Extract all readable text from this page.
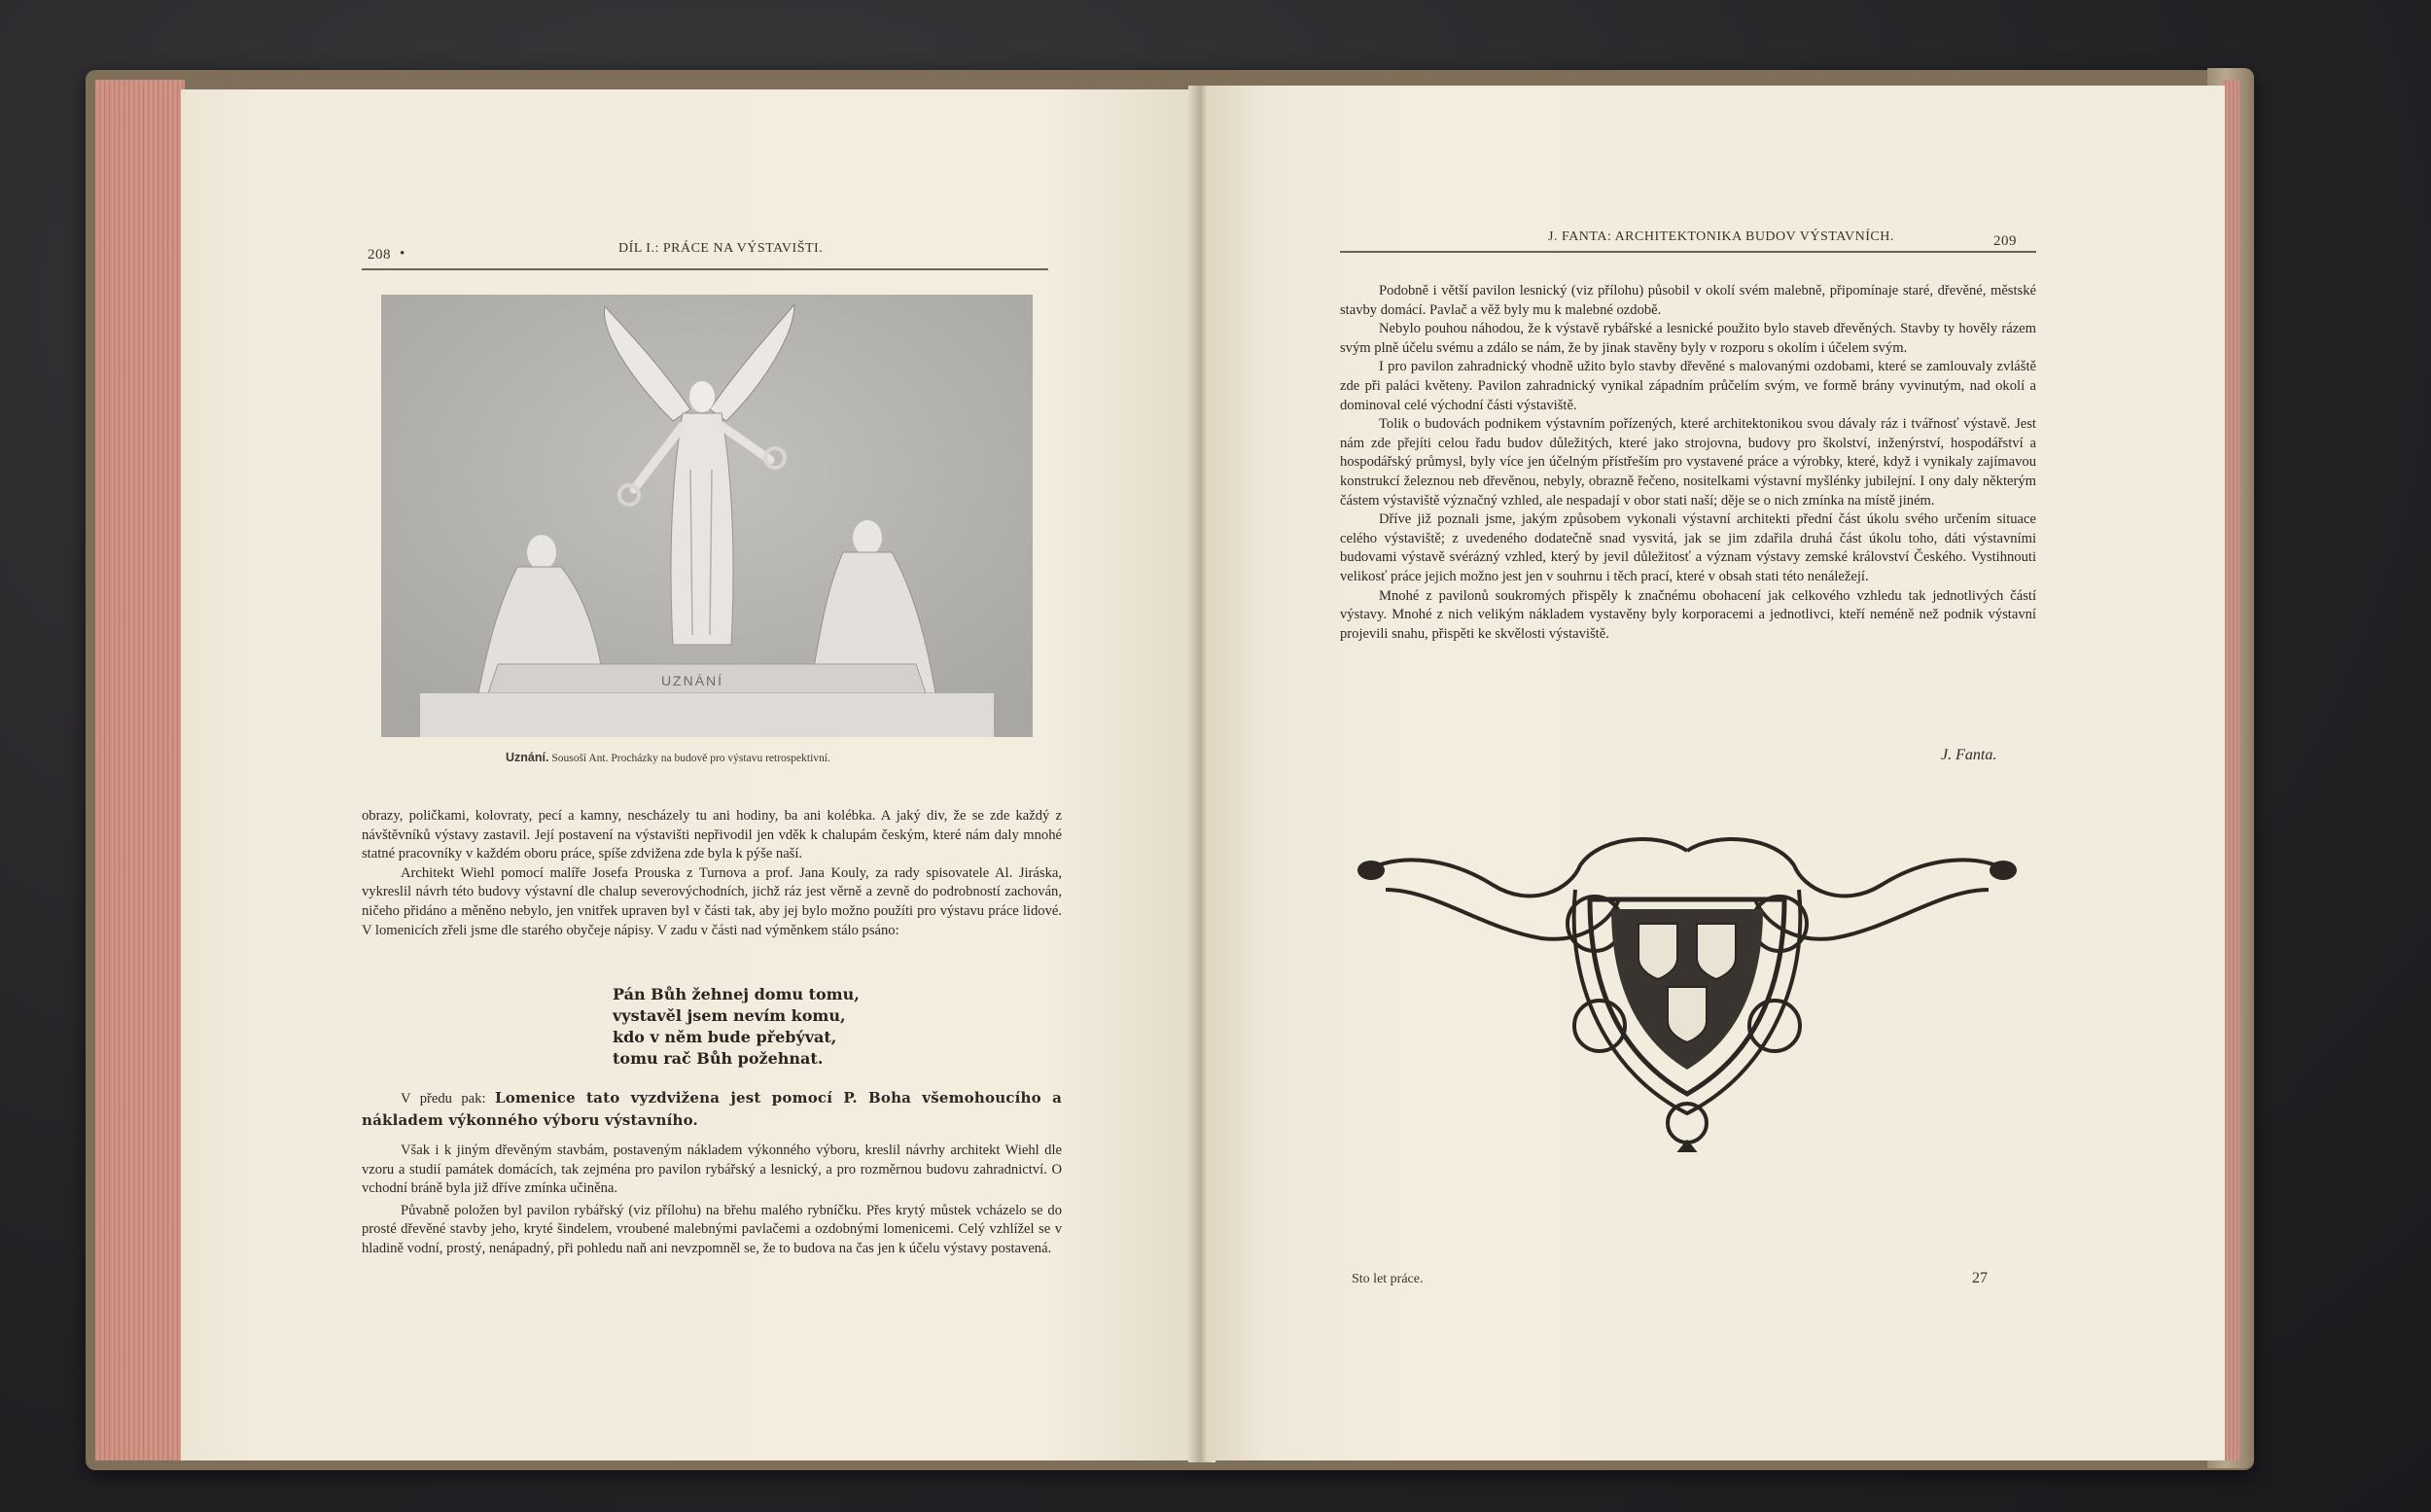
208 •	DÍL I.: PRÁCE NA VÝSTAVIŠTI.
UZNÁNÍ
Uznání. Sousoší Ant. Procházky na budově pro výstavu retrospektivní.

obrazy, poličkami, kolovraty, pecí a kamny, nescházely tu ani hodiny, ba ani kolébka. A jaký div, že se zde každý z návštěvníků výstavy zastavil. Její postavení na výstavišti nepřivodil jen vděk k chalupám českým, které nám daly mnohé statné pracovníky v každém oboru práce, spíše zdvižena zde byla k pýše naší.

Architekt Wiehl pomocí malíře Josefa Prouska z Turnova a prof. Jana Kouly, za rady spisovatele Al. Jiráska, vykreslil návrh této budovy výstavní dle chalup severovýchodních, jichž ráz jest věrně a zevně do podrobností zachován, ničeho přidáno a měněno nebylo, jen vnitřek upraven byl v části tak, aby jej bylo možno použíti pro výstavu práce lidové. V lomenicích zřeli jsme dle starého obyčeje nápisy. V zadu v části nad výměnkem stálo psáno:

Pán Bůh žehnej domu tomu,
vystavěl jsem nevím komu,
kdo v něm bude přebývat,
tomu rač Bůh požehnat.

V předu pak: Lomenice tato vyzdvižena jest pomocí P. Boha všemohoucího a nákladem výkonného výboru výstavního.

Však i k jiným dřevěným stavbám, postaveným nákladem výkonného výboru, kreslil návrhy architekt Wiehl dle vzoru a studií památek domácích, tak zejména pro pavilon rybářský a lesnický, a pro rozměrnou budovu zahradnictví. O vchodní bráně byla již dříve zmínka učiněna.

Půvabně položen byl pavilon rybářský (viz přílohu) na břehu malého rybníčku. Přes krytý můstek vcházelo se do prosté dřevěné stavby jeho, kryté šindelem, vroubené malebnými pavlačemi a ozdobnými lomenicemi. Celý vzhlížel se v hladině vodní, prostý, nenápadný, při pohledu naň ani nevzpomněl se, že to budova na čas jen k účelu výstavy postavená.

J. FANTA: ARCHITEKTONIKA BUDOV VÝSTAVNÍCH.	209

Podobně i větší pavilon lesnický (viz přílohu) působil v okolí svém malebně, připomínaje staré, dřevěné, městské stavby domácí. Pavlač a věž byly mu k malebné ozdobě.

Nebylo pouhou náhodou, že k výstavě rybářské a lesnické použito bylo staveb dřevěných. Stavby ty hověly rázem svým plně účelu svému a zdálo se nám, že by jinak stavěny byly v rozporu s okolím i účelem svým.

I pro pavilon zahradnický vhodně užito bylo stavby dřevěné s malovanými ozdobami, které se zamlouvaly zvláště zde při paláci květeny. Pavilon zahradnický vynikal západním průčelím svým, ve formě brány vyvinutým, nad okolí a dominoval celé východní části výstaviště.

Tolik o budovách podnikem výstavním pořízených, které architektonikou svou dávaly ráz i tvářnosť výstavě. Jest nám zde přejíti celou řadu budov důležitých, které jako strojovna, budovy pro školství, inženýrství, hospodářství a hospodářský průmysl, byly více jen účelným přístřeším pro vystavené práce a výrobky, které, když i vynikaly zajímavou konstrukcí železnou neb dřevěnou, nebyly, obrazně řečeno, nositelkami výstavní myšlénky jubilejní. I ony daly některým částem výstaviště význačný vzhled, ale nespadají v obor stati naší; děje se o nich zmínka na místě jiném.

Dříve již poznali jsme, jakým způsobem vykonali výstavní architekti přední část úkolu svého určením situace celého výstaviště; z uvedeného dodatečně snad vysvitá, jak se jim zdařila druhá část úkolu toho, dáti výstavními budovami výstavě svérázný vzhled, který by jevil důležitosť a význam výstavy zemské království Českého. Vystihnouti velikosť práce jejich možno jest jen v souhrnu i těch prací, které v obsah stati této nenáležejí.

Mnohé z pavilonů soukromých přispěly k značnému obohacení jak celkového vzhledu tak jednotlivých částí výstavy. Mnohé z nich velikým nákladem vystavěny byly korporacemi a jednotlivci, kteří neméně než podnik výstavní projevili snahu, přispěti ke skvělosti výstaviště.

J. Fanta.
Sto let práce.	27
